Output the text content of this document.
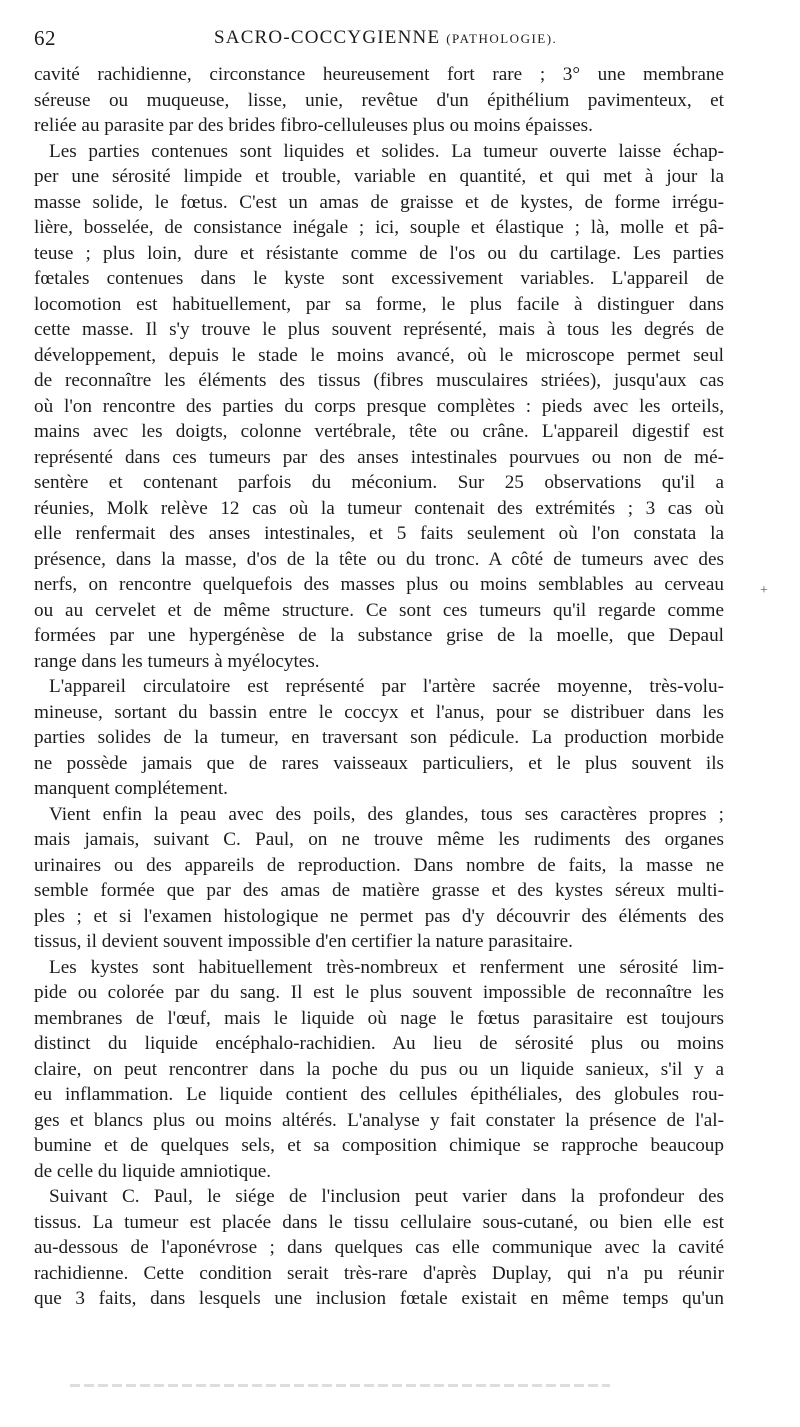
62	SACRO-COCCYGIENNE (PATHOLOGIE).
cavité rachidienne, circonstance heureusement fort rare ; 3° une membrane
séreuse ou muqueuse, lisse, unie, revêtue d'un épithélium pavimenteux, et
reliée au parasite par des brides fibro-celluleuses plus ou moins épaisses.
Les parties contenues sont liquides et solides. La tumeur ouverte laisse échap-
per une sérosité limpide et trouble, variable en quantité, et qui met à jour la
masse solide, le fœtus. C'est un amas de graisse et de kystes, de forme irrégu-
lière, bosselée, de consistance inégale ; ici, souple et élastique ; là, molle et pâ-
teuse ; plus loin, dure et résistante comme de l'os ou du cartilage. Les parties
fœtales contenues dans le kyste sont excessivement variables. L'appareil de
locomotion est habituellement, par sa forme, le plus facile à distinguer dans
cette masse. Il s'y trouve le plus souvent représenté, mais à tous les degrés de
développement, depuis le stade le moins avancé, où le microscope permet seul
de reconnaître les éléments des tissus (fibres musculaires striées), jusqu'aux cas
où l'on rencontre des parties du corps presque complètes : pieds avec les orteils,
mains avec les doigts, colonne vertébrale, tête ou crâne. L'appareil digestif est
représenté dans ces tumeurs par des anses intestinales pourvues ou non de mé-
sentère et contenant parfois du méconium. Sur 25 observations qu'il a
réunies, Molk relève 12 cas où la tumeur contenait des extrémités ; 3 cas où
elle renfermait des anses intestinales, et 5 faits seulement où l'on constata la
présence, dans la masse, d'os de la tête ou du tronc. A côté de tumeurs avec des
nerfs, on rencontre quelquefois des masses plus ou moins semblables au cerveau
ou au cervelet et de même structure. Ce sont ces tumeurs qu'il regarde comme
formées par une hypergénèse de la substance grise de la moelle, que Depaul
range dans les tumeurs à myélocytes.
L'appareil circulatoire est représenté par l'artère sacrée moyenne, très-volu-
mineuse, sortant du bassin entre le coccyx et l'anus, pour se distribuer dans les
parties solides de la tumeur, en traversant son pédicule. La production morbide
ne possède jamais que de rares vaisseaux particuliers, et le plus souvent ils
manquent complétement.
Vient enfin la peau avec des poils, des glandes, tous ses caractères propres ;
mais jamais, suivant C. Paul, on ne trouve même les rudiments des organes
urinaires ou des appareils de reproduction. Dans nombre de faits, la masse ne
semble formée que par des amas de matière grasse et des kystes séreux multi-
ples ; et si l'examen histologique ne permet pas d'y découvrir des éléments des
tissus, il devient souvent impossible d'en certifier la nature parasitaire.
Les kystes sont habituellement très-nombreux et renferment une sérosité lim-
pide ou colorée par du sang. Il est le plus souvent impossible de reconnaître les
membranes de l'œuf, mais le liquide où nage le fœtus parasitaire est toujours
distinct du liquide encéphalo-rachidien. Au lieu de sérosité plus ou moins
claire, on peut rencontrer dans la poche du pus ou un liquide sanieux, s'il y a
eu inflammation. Le liquide contient des cellules épithéliales, des globules rou-
ges et blancs plus ou moins altérés. L'analyse y fait constater la présence de l'al-
bumine et de quelques sels, et sa composition chimique se rapproche beaucoup
de celle du liquide amniotique.
Suivant C. Paul, le siége de l'inclusion peut varier dans la profondeur des
tissus. La tumeur est placée dans le tissu cellulaire sous-cutané, ou bien elle est
au-dessous de l'aponévrose ; dans quelques cas elle communique avec la cavité
rachidienne. Cette condition serait très-rare d'après Duplay, qui n'a pu réunir
que 3 faits, dans lesquels une inclusion fœtale existait en même temps qu'un
+
